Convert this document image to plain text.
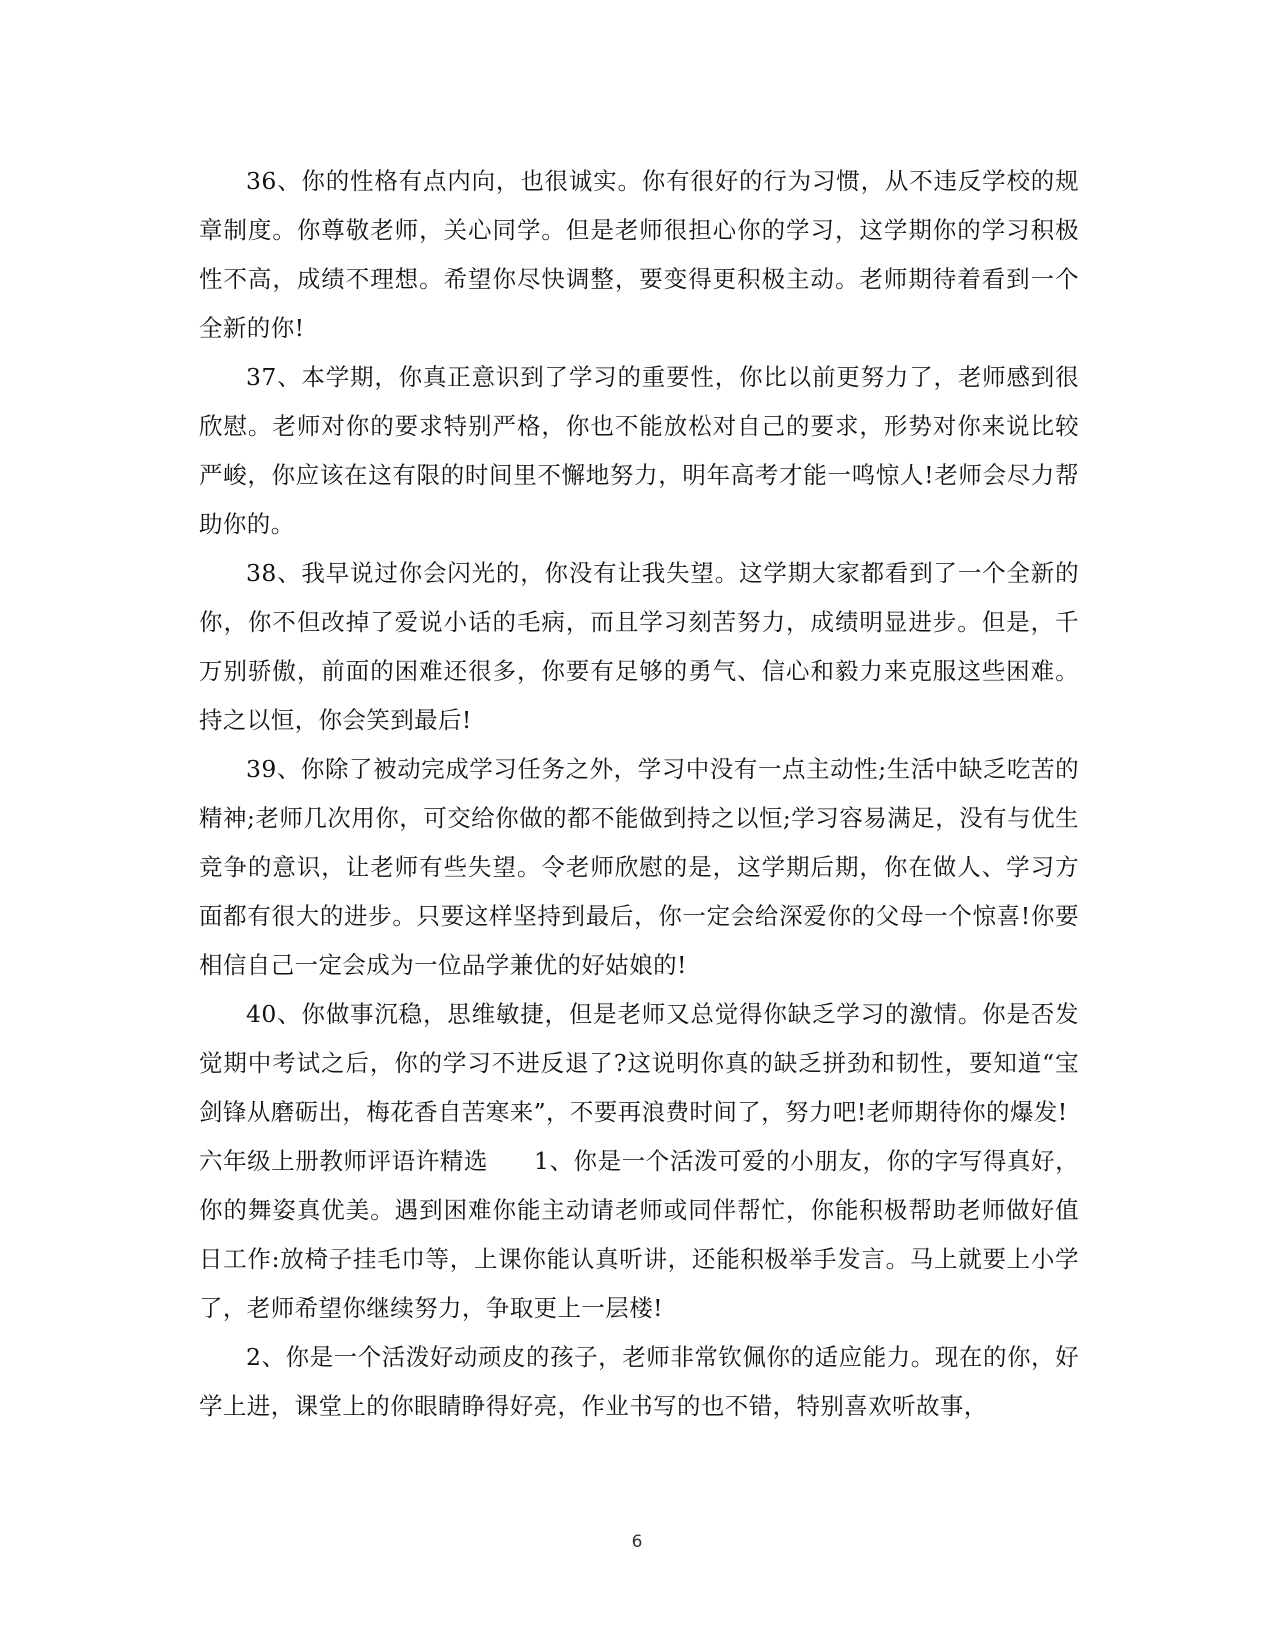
36、你的性格有点内向，也很诚实。你有很好的行为习惯，从不违反学校的规章制度。你尊敬老师，关心同学。但是老师很担心你的学习，这学期你的学习积极性不高，成绩不理想。希望你尽快调整，要变得更积极主动。老师期待着看到一个全新的你!

37、本学期，你真正意识到了学习的重要性，你比以前更努力了，老师感到很欣慰。老师对你的要求特别严格，你也不能放松对自己的要求，形势对你来说比较严峻，你应该在这有限的时间里不懈地努力，明年高考才能一鸣惊人!老师会尽力帮助你的。

38、我早说过你会闪光的，你没有让我失望。这学期大家都看到了一个全新的你，你不但改掉了爱说小话的毛病，而且学习刻苦努力，成绩明显进步。但是，千万别骄傲，前面的困难还很多，你要有足够的勇气、信心和毅力来克服这些困难。持之以恒，你会笑到最后!

39、你除了被动完成学习任务之外，学习中没有一点主动性;生活中缺乏吃苦的精神;老师几次用你，可交给你做的都不能做到持之以恒;学习容易满足，没有与优生竞争的意识，让老师有些失望。令老师欣慰的是，这学期后期，你在做人、学习方面都有很大的进步。只要这样坚持到最后，你一定会给深爱你的父母一个惊喜!你要相信自己一定会成为一位品学兼优的好姑娘的!

40、你做事沉稳，思维敏捷，但是老师又总觉得你缺乏学习的激情。你是否发觉期中考试之后，你的学习不进反退了?这说明你真的缺乏拼劲和韧性，要知道“宝剑锋从磨砺出，梅花香自苦寒来”，不要再浪费时间了，努力吧!老师期待你的爆发!

六年级上册教师评语许精选 1、你是一个活泼可爱的小朋友，你的字写得真好，你的舞姿真优美。遇到困难你能主动请老师或同伴帮忙，你能积极帮助老师做好值日工作:放椅子挂毛巾等，上课你能认真听讲，还能积极举手发言。马上就要上小学了，老师希望你继续努力，争取更上一层楼!

2、你是一个活泼好动顽皮的孩子，老师非常钦佩你的适应能力。现在的你，好学上进，课堂上的你眼睛睁得好亮，作业书写的也不错，特别喜欢听故事，

6
